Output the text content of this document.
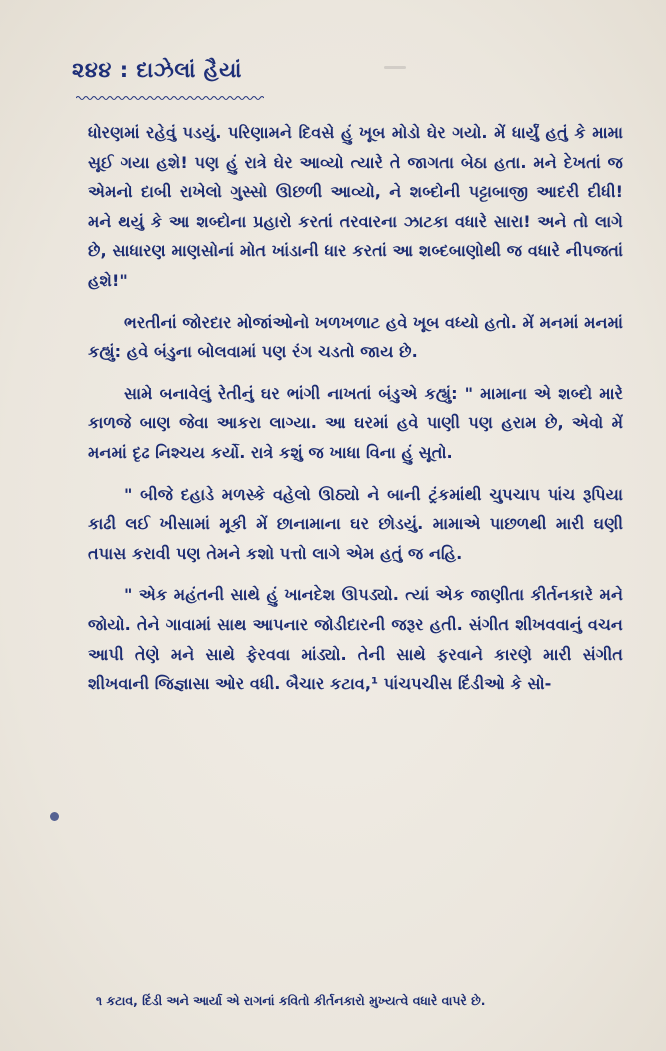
૨૪૪ : દાઝેલાં હૈયાં

ધોરણમાં રહેવું પડયું. પરિણામને દિવસે હું ખૂબ મોડો ઘેર ગયો. મેં ધાર્યું હતું કે મામા સૂઈ ગયા હશે! પણ હું રાત્રે ઘેર આવ્યો ત્યારે તે જાગતા બેઠા હતા. મને દેખતાં જ એમનો દાબી રાખેલો ગુસ્સો ઊછળી આવ્યો, ને શબ્દોની પટ્ટાબાજી આદરી દીધી! મને થયું કે આ શબ્દોના પ્રહારો કરતાં તરવારના ઝાટકા વધારે સારા! અને તો લાગે છે, સાધારણ માણસોનાં મોત ખાંડાની ધાર કરતાં આ શબ્દબાણોથી જ વધારે નીપજતાં હશે!"

ભરતીનાં જોરદાર મોજાંઓનો ખળખળાટ હવે ખૂબ વધ્યો હતો. મેં મનમાં મનમાં કહ્યું: હવે બંડુના બોલવામાં પણ રંગ ચડતો જાય છે.

સામે બનાવેલું રેતીનું ઘર ભાંગી નાખતાં બંડુએ કહ્યું: " મામાના એ શબ્દો મારે કાળજે બાણ જેવા આકરા લાગ્યા. આ ઘરમાં હવે પાણી પણ હરામ છે, એવો મેં મનમાં દૃઢ નિશ્ચય કર્યો. રાત્રે કશું જ ખાધા વિના હું સૂતો.

" બીજે દહાડે મળસ્કે વહેલો ઊઠ્યો ને બાની ટ્રંકમાંથી ચુપચાપ પાંચ રૂપિયા કાઢી લઈ ખીસામાં મૂકી મેં છાનામાના ઘર છોડયું. મામાએ પાછળથી મારી ઘણી તપાસ કરાવી પણ તેમને કશો પત્તો લાગે એમ હતું જ નહિ.

" એક મહંતની સાથે હું ખાનદેશ ઊપડ્યો. ત્યાં એક જાણીતા કીર્તનકારે મને જોયો. તેને ગાવામાં સાથ આપનાર જોડીદારની જરૂર હતી. સંગીત શીખવવાનું વચન આપી તેણે મને સાથે ફેરવવા માંડ્યો. તેની સાથે ફરવાને કારણે મારી સંગીત શીખવાની જિજ્ઞાસા ઓર વધી. બૈચાર કટાવ,¹ પાંચપચીસ દિંડીઓ કે સો-

૧ કટાવ, દિંડી અને આર્યા એ રાગનાં કવિતો કીર્તનકારો મુખ્યત્વે વધારે વાપરે છે.
